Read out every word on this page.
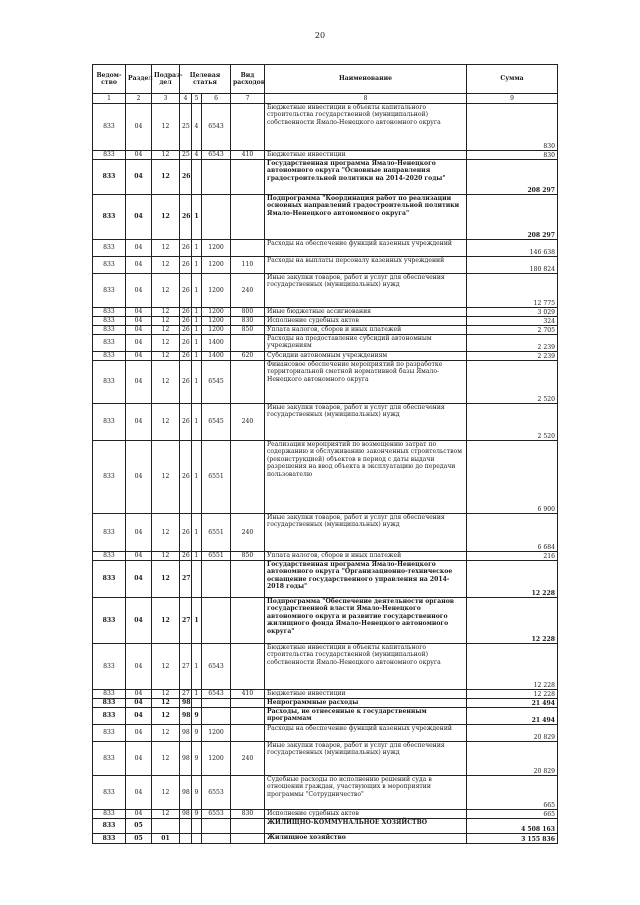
20
Ведом-ство	Раздел	Подраз-дел	Целевая статья			Вид расходов	Наименование	Сумма
1	2	3	4	5	6	7	8	9
833	04	12	25	4	6543		Бюджетные инвестиции в объекты капитального строительства государственной (муниципальной) собственности Ямало-Ненецкого автономного округа	830
833	04	12	25	4	6543	410	Бюджетные инвестиции	830
833	04	12	26				Государственная программа Ямало-Ненецкого автономного округа "Основные направления градостроительной политики на 2014-2020 годы"	208 297
833	04	12	26	1			Подпрограмма "Координация работ по реализации основных направлений градостроительной политики Ямало-Ненецкого автономного округа"	208 297
833	04	12	26	1	1200		Расходы на обеспечение функций казенных учреждений	146 638
833	04	12	26	1	1200	110	Расходы на выплаты персоналу казенных учреждений	180 824
833	04	12	26	1	1200	240	Иные закупки товаров, работ и услуг для обеспечения государственных (муниципальных) нужд	12 775
833	04	12	26	1	1200	800	Иные бюджетные ассигнования	3 029
833	04	12	26	1	1200	830	Исполнение судебных актов	324
833	04	12	26	1	1200	850	Уплата налогов, сборов и иных платежей	2 705
833	04	12	26	1	1400		Расходы на предоставление субсидий автономным учреждениям	2 239
833	04	12	26	1	1400	620	Субсидии автономным учреждениям	2 239
833	04	12	26	1	6545		Финансовое обеспечение мероприятий по разработке территориальной сметной нормативной базы Ямало-Ненецкого автономного округа	2 520
833	04	12	26	1	6545	240	Иные закупки товаров, работ и услуг для обеспечения государственных (муниципальных) нужд	2 520
833	04	12	26	1	6551		Реализация мероприятий по возмещению затрат по содержанию и обслуживанию законченных строительством (реконструкцией) объектов в период с даты выдачи разрешения на ввод объекта в эксплуатацию до передачи пользователю	6 900
833	04	12	26	1	6551	240	Иные закупки товаров, работ и услуг для обеспечения государственных (муниципальных) нужд	6 684
833	04	12	26	1	6551	850	Уплата налогов, сборов и иных платежей	216
833	04	12	27				Государственная программа Ямало-Ненецкого автономного округа "Организационно-техническое оснащение государственного управления на 2014-2018 годы"	12 228
833	04	12	27	1			Подпрограмма "Обеспечение деятельности органов государственной власти Ямало-Ненецкого автономного округа и развитие государственного жилищного фонда Ямало-Ненецкого автономного округа"	12 228
833	04	12	27	1	6543		Бюджетные инвестиции в объекты капитального строительства государственной (муниципальной) собственности Ямало-Ненецкого автономного округа	12 228
833	04	12	27	1	6543	410	Бюджетные инвестиции	12 228
833	04	12	98				Непрограммные расходы	21 494
833	04	12	98	9			Расходы, не отнесенные к государственным программам	21 494
833	04	12	98	9	1200		Расходы на обеспечение функций казенных учреждений	20 829
833	04	12	98	9	1200	240	Иные закупки товаров, работ и услуг для обеспечения государственных (муниципальных) нужд	20 829
833	04	12	98	9	6553		Судебные расходы по исполнению решений суда в отношении граждан, участвующих в мероприятии программы "Сотрудничество"	665
833	04	12	98	9	6553	830	Исполнение судебных актов	665
833	05						ЖИЛИЩНО-КОММУНАЛЬНОЕ ХОЗЯЙСТВО	4 508 163
833	05	01					Жилищное хозяйство	3 155 836
